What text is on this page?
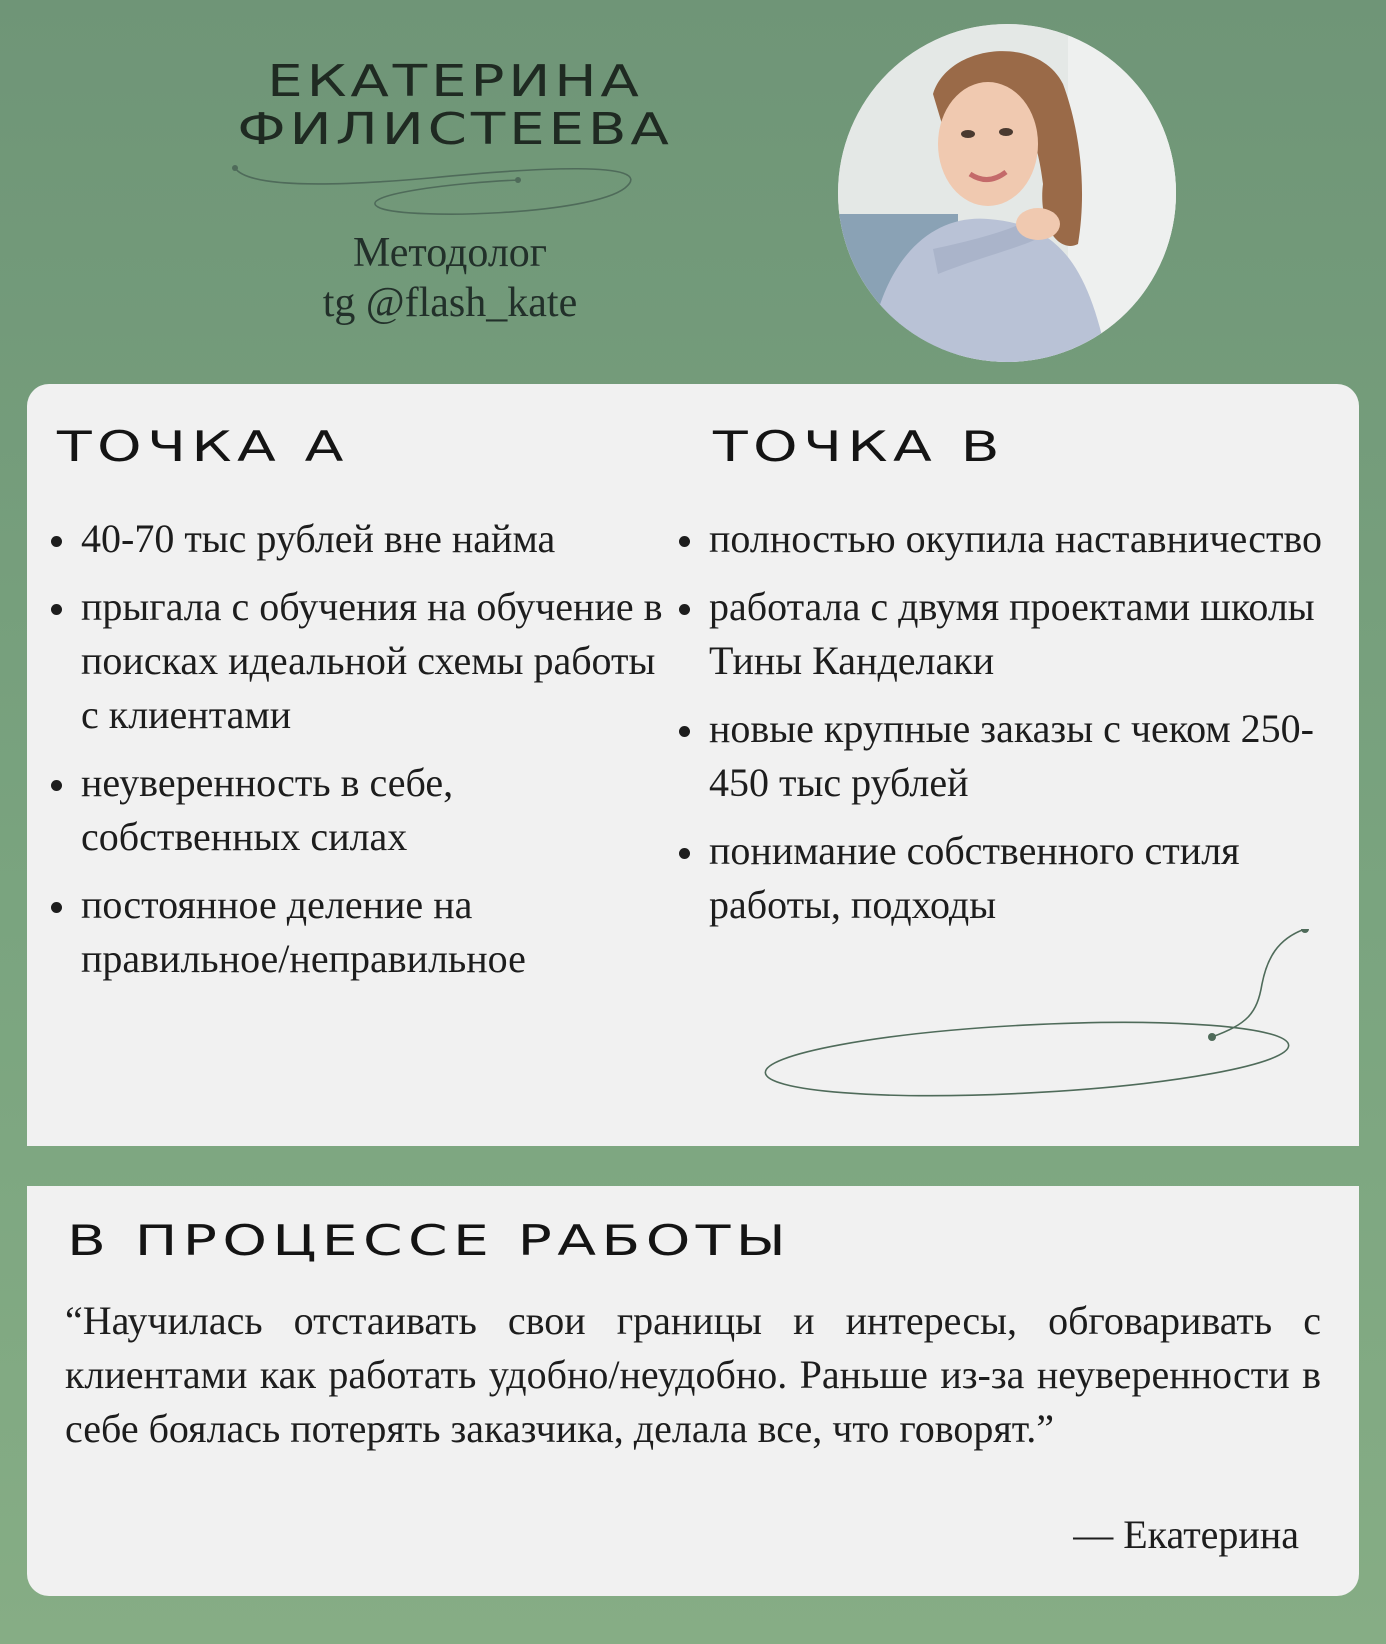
ЕКАТЕРИНА
ФИЛИСТЕЕВА
Методолог
tg @flash_kate
40-70 тыс рублей вне найма
прыгала с обучения на обучение в поисках идеальной схемы работы с клиентами
неуверенность в себе, собственных силах
постоянное деление на правильное/неправильное
полностью окупила наставничество
работала с двумя проектами школы Тины Канделаки
новые крупные заказы с чеком 250-450 тыс рублей
понимание собственного стиля работы, подходы
ТОЧКА А	ТОЧКА В
В ПРОЦЕССЕ РАБОТЫ
“Научилась отстаивать свои границы и интересы, обговаривать с клиентами как работать удобно/неудобно. Раньше из-за неуверенности в себе боялась потерять заказчика, делала все, что говорят.”
— Екатерина
